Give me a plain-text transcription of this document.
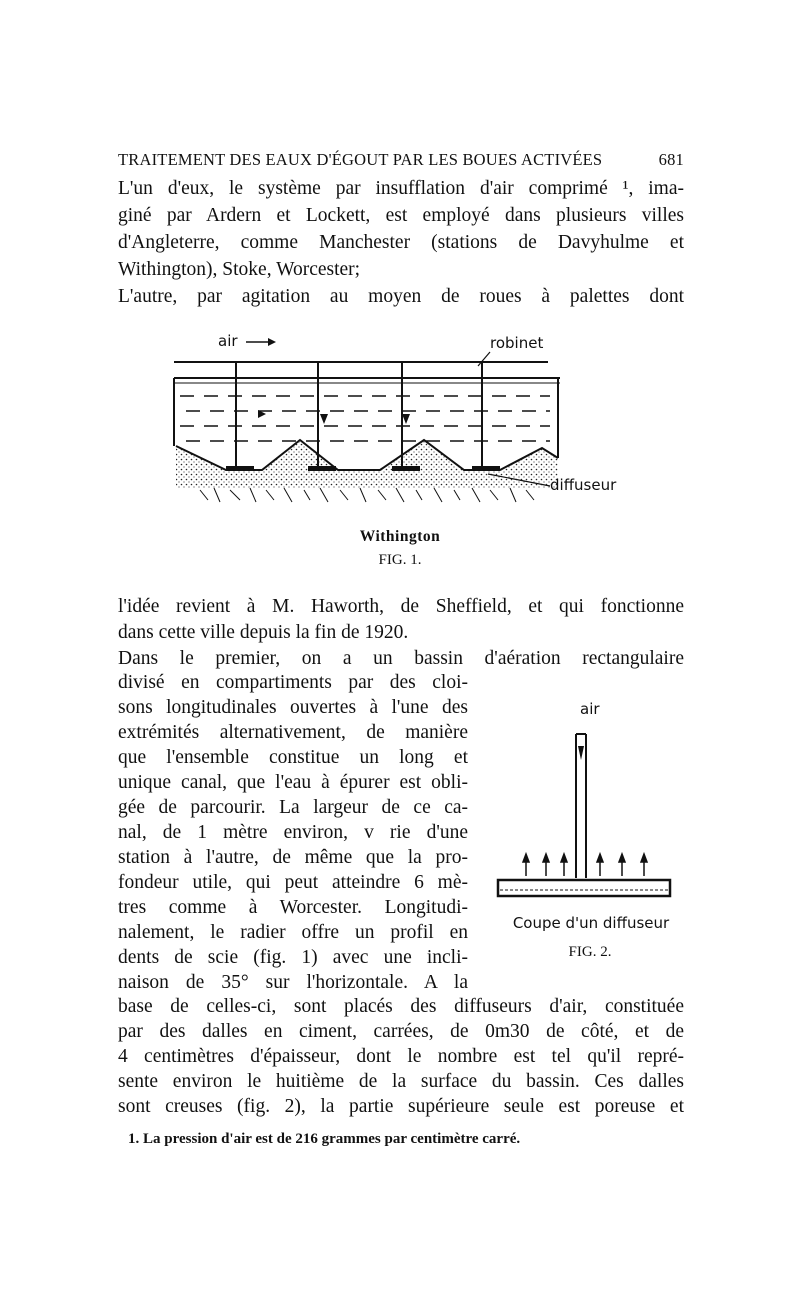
TRAITEMENT DES EAUX D'ÉGOUT PAR LES BOUES ACTIVÉES	681
L'un d'eux, le système par insufflation d'air comprimé ¹, ima-
giné par Ardern et Lockett, est employé dans plusieurs villes
d'Angleterre, comme Manchester (stations de Davyhulme et
Withington), Stoke, Worcester;
L'autre, par agitation au moyen de roues à palettes dont
air	robinet
diffuseur
Withington
FIG. 1.
l'idée revient à M. Haworth, de Sheffield, et qui fonctionne
dans cette ville depuis la fin de 1920.
Dans le premier, on a un bassin d'aération rectangulaire
divisé en compartiments par des cloi-
sons longitudinales ouvertes à l'une des
extrémités alternativement, de manière
que l'ensemble constitue un long et
unique canal, que l'eau à épurer est obli-
gée de parcourir. La largeur de ce ca-
nal, de 1 mètre environ, v rie d'une
station à l'autre, de même que la pro-
fondeur utile, qui peut atteindre 6 mè-
tres comme à Worcester. Longitudi-
nalement, le radier offre un profil en
dents de scie (fig. 1) avec une incli-
naison de 35° sur l'horizontale. A la
air
Coupe d'un diffuseur
FIG. 2.
base de celles-ci, sont placés des diffuseurs d'air, constituée
par des dalles en ciment, carrées, de 0m30 de côté, et de
4 centimètres d'épaisseur, dont le nombre est tel qu'il repré-
sente environ le huitième de la surface du bassin. Ces dalles
sont creuses (fig. 2), la partie supérieure seule est poreuse et
1. La pression d'air est de 216 grammes par centimètre carré.
